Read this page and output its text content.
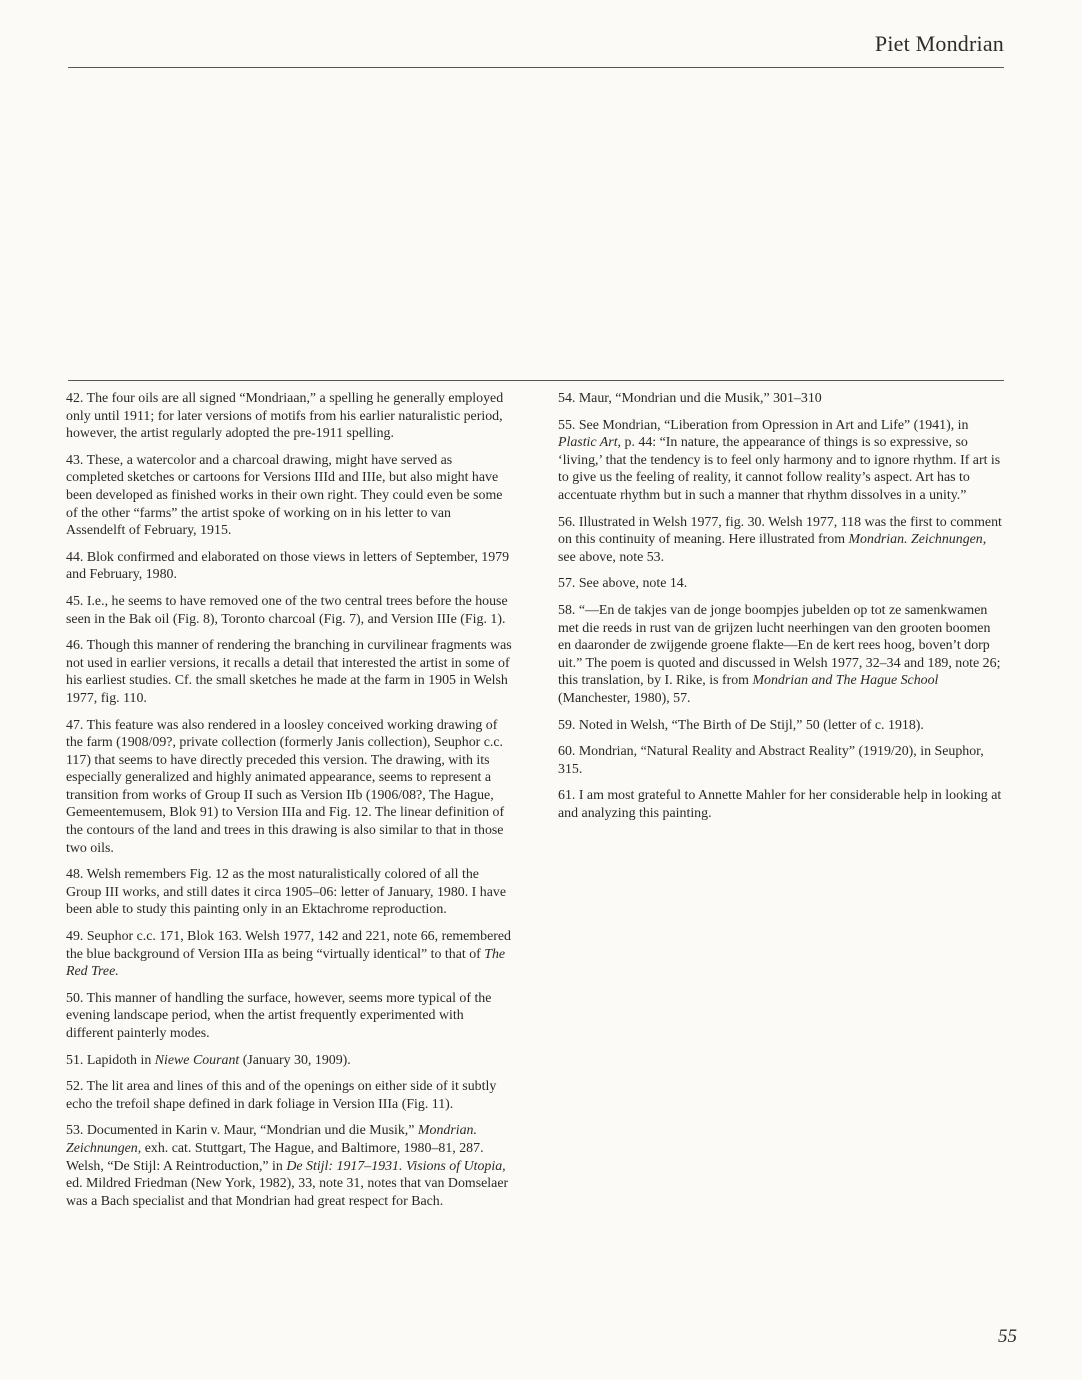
Piet Mondrian

42. The four oils are all signed “Mondriaan,” a spelling he generally employed only until 1911; for later versions of motifs from his earlier naturalistic period, however, the artist regularly adopted the pre-1911 spelling.

43. These, a watercolor and a charcoal drawing, might have served as completed sketches or cartoons for Versions IIId and IIIe, but also might have been developed as finished works in their own right. They could even be some of the other “farms” the artist spoke of working on in his letter to van Assendelft of February, 1915.

44. Blok confirmed and elaborated on those views in letters of September, 1979 and February, 1980.

45. I.e., he seems to have removed one of the two central trees before the house seen in the Bak oil (Fig. 8), Toronto charcoal (Fig. 7), and Version IIIe (Fig. 1).

46. Though this manner of rendering the branching in curvilinear fragments was not used in earlier versions, it recalls a detail that interested the artist in some of his earliest studies. Cf. the small sketches he made at the farm in 1905 in Welsh 1977, fig. 110.

47. This feature was also rendered in a loosley conceived working drawing of the farm (1908/09?, private collection (formerly Janis collection), Seuphor c.c. 117) that seems to have directly preceded this version. The drawing, with its especially generalized and highly animated appearance, seems to represent a transition from works of Group II such as Version IIb (1906/08?, The Hague, Gemeentemusem, Blok 91) to Version IIIa and Fig. 12. The linear definition of the contours of the land and trees in this drawing is also similar to that in those two oils.

48. Welsh remembers Fig. 12 as the most naturalistically colored of all the Group III works, and still dates it circa 1905–06: letter of January, 1980. I have been able to study this painting only in an Ektachrome reproduction.

49. Seuphor c.c. 171, Blok 163. Welsh 1977, 142 and 221, note 66, remembered the blue background of Version IIIa as being “virtually identical” to that of The Red Tree.

50. This manner of handling the surface, however, seems more typical of the evening landscape period, when the artist frequently experimented with different painterly modes.

51. Lapidoth in Niewe Courant (January 30, 1909).

52. The lit area and lines of this and of the openings on either side of it subtly echo the trefoil shape defined in dark foliage in Version IIIa (Fig. 11).

53. Documented in Karin v. Maur, “Mondrian und die Musik,” Mondrian. Zeichnungen, exh. cat. Stuttgart, The Hague, and Baltimore, 1980–81, 287. Welsh, “De Stijl: A Reintroduction,” in De Stijl: 1917–1931. Visions of Utopia, ed. Mildred Friedman (New York, 1982), 33, note 31, notes that van Domselaer was a Bach specialist and that Mondrian had great respect for Bach.

54. Maur, “Mondrian und die Musik,” 301–310

55. See Mondrian, “Liberation from Opression in Art and Life” (1941), in Plastic Art, p. 44: “In nature, the appearance of things is so expressive, so ‘living,’ that the tendency is to feel only harmony and to ignore rhythm. If art is to give us the feeling of reality, it cannot follow reality’s aspect. Art has to accentuate rhythm but in such a manner that rhythm dissolves in a unity.”

56. Illustrated in Welsh 1977, fig. 30. Welsh 1977, 118 was the first to comment on this continuity of meaning. Here illustrated from Mondrian. Zeichnungen, see above, note 53.

57. See above, note 14.

58. “—En de takjes van de jonge boompjes jubelden op tot ze samenkwamen met die reeds in rust van de grijzen lucht neerhingen van den grooten boomen en daaronder de zwijgende groene flakte—En de kert rees hoog, boven’t dorp uit.” The poem is quoted and discussed in Welsh 1977, 32–34 and 189, note 26; this translation, by I. Rike, is from Mondrian and The Hague School (Manchester, 1980), 57.

59. Noted in Welsh, “The Birth of De Stijl,” 50 (letter of c. 1918).

60. Mondrian, “Natural Reality and Abstract Reality” (1919/20), in Seuphor, 315.

61. I am most grateful to Annette Mahler for her considerable help in looking at and analyzing this painting.

55
